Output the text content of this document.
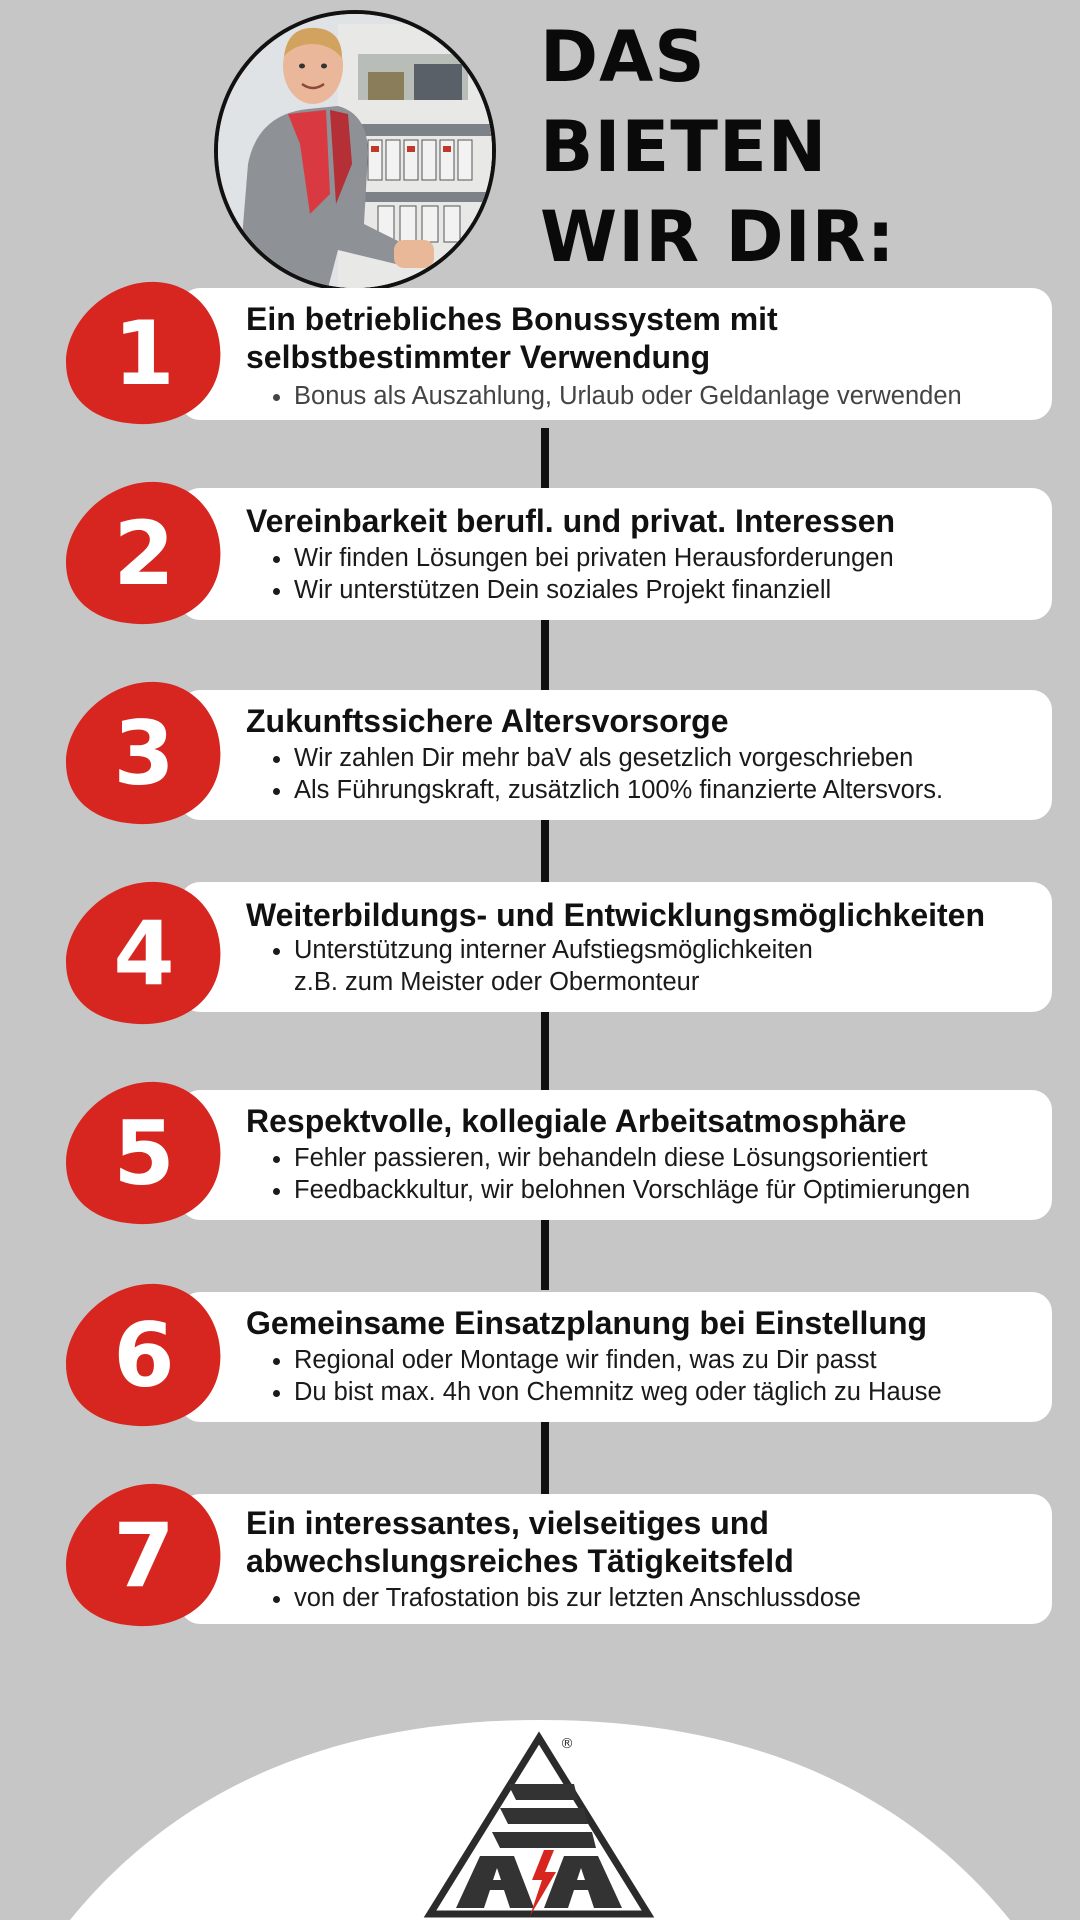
DAS
BIETEN
WIR DIR:
Ein betriebliches Bonussystem mit selbstbestimmter Verwendung
• Bonus als Auszahlung, Urlaub oder Geldanlage verwenden
Vereinbarkeit berufl. und privat. Interessen
• Wir finden Lösungen bei privaten Herausforderungen
• Wir unterstützen Dein soziales Projekt finanziell
Zukunftssichere Altersvorsorge
• Wir zahlen Dir mehr baV als gesetzlich vorgeschrieben
• Als Führungskraft, zusätzlich 100% finanzierte Altersvors.
Weiterbildungs- und Entwicklungsmöglichkeiten
• Unterstützung interner Aufstiegsmöglichkeiten
z.B. zum Meister oder Obermonteur
Respektvolle, kollegiale Arbeitsatmosphäre
• Fehler passieren, wir behandeln diese Lösungsorientiert
• Feedbackkultur, wir belohnen Vorschläge für Optimierungen
Gemeinsame Einsatzplanung bei Einstellung
• Regional oder Montage wir finden, was zu Dir passt
• Du bist max. 4h von Chemnitz weg oder täglich zu Hause
Ein interessantes, vielseitiges und abwechslungsreiches Tätigkeitsfeld
• von der Trafostation bis zur letzten Anschlussdose
1
2
3
4
5
6
7
®
